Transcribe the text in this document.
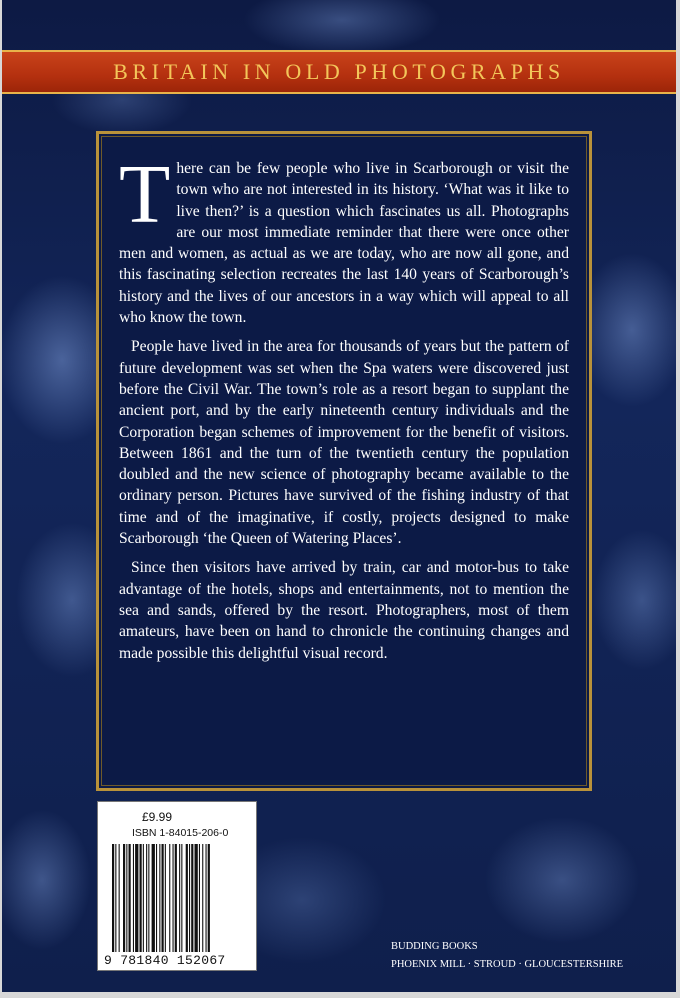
BRITAIN IN OLD PHOTOGRAPHS

There can be few people who live in Scarborough or visit the town who are not interested in its history. ‘What was it like to live then?’ is a question which fascinates us all. Photographs are our most immediate reminder that there were once other men and women, as actual as we are today, who are now all gone, and this fascinating selection recreates the last 140 years of Scarborough’s history and the lives of our ancestors in a way which will appeal to all who know the town.

People have lived in the area for thousands of years but the pattern of future development was set when the Spa waters were discovered just before the Civil War. The town’s role as a resort began to supplant the ancient port, and by the early nineteenth century individuals and the Corporation began schemes of improvement for the benefit of visitors. Between 1861 and the turn of the twentieth century the population doubled and the new science of photography became available to the ordinary person. Pictures have survived of the fishing industry of that time and of the imaginative, if costly, projects designed to make Scarborough ‘the Queen of Watering Places’.

Since then visitors have arrived by train, car and motor-bus to take advantage of the hotels, shops and entertainments, not to mention the sea and sands, offered by the resort. Photographers, most of them amateurs, have been on hand to chronicle the continuing changes and made possible this delightful visual record.

£9.99
ISBN 1-84015-206-0
9 781840 152067
BUDDING BOOKS
PHOENIX MILL · STROUD · GLOUCESTERSHIRE
